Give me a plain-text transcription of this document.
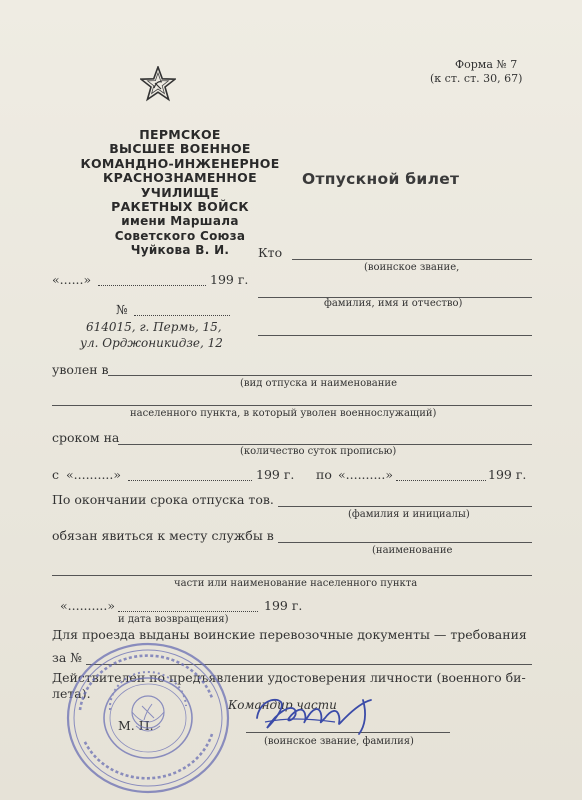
Форма № 7
(к ст. ст. 30, 67)
ПЕРМСКОЕ
ВЫСШЕЕ ВОЕННОЕ
КОМАНДНО-ИНЖЕНЕРНОЕ
КРАСНОЗНАМЕННОЕ
УЧИЛИЩЕ
РАКЕТНЫХ ВОЙСК
имени Маршала
Советского Союза
Чуйкова В. И.
«......»	199 г.
№
614015, г. Пермь, 15,
ул. Орджоникидзе, 12
Отпускной билет
Кто
(воинское звание,
фамилия, имя и отчество)
уволен в
(вид отпуска и наименование
населенного пункта, в который уволен военнослужащий)
сроком на
(количество суток прописью)
с «..........»	199 г. по «..........»	199 г.
По окончании срока отпуска тов.
(фамилия и инициалы)
обязан явиться к месту службы в
(наименование
части или наименование населенного пункта
«..........»	199 г.
и дата возвращения)
Для проезда выданы воинские перевозочные документы — требования
за №
Действителен по предъявлении удостоверения личности (военного би-
лета).
Командир части
М. П.
(воинское звание, фамилия)
